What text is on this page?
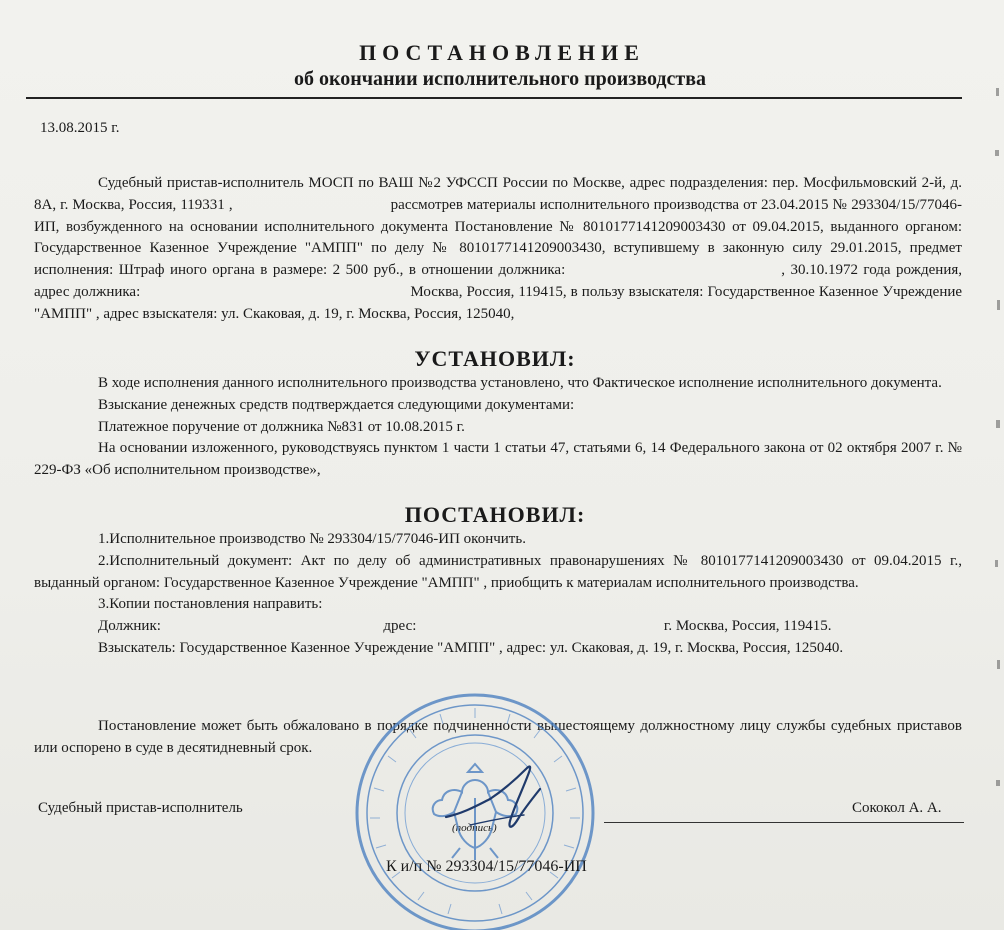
ПОСТАНОВЛЕНИЕ
об окончании исполнительного производства
13.08.2015 г.
Судебный пристав-исполнитель МОСП по ВАШ №2 УФССП России по Москве, адрес подразделения: пер. Мосфильмовский 2-й, д. 8А, г. Москва, Россия, 119331 ,	рассмотрев материалы исполнительного производства от 23.04.2015 № 293304/15/77046-ИП, возбужденного на основании исполнительного документа Постановление № 8010177141209003430 от 09.04.2015, выданного органом: Государственное Казенное Учреждение "АМПП" по делу № 8010177141209003430, вступившему в законную силу 29.01.2015, предмет исполнения: Штраф иного органа в размере: 2 500 руб., в отношении должника:	, 30.10.1972 года рождения, адрес должника:	Москва, Россия, 119415, в пользу взыскателя: Государственное Казенное Учреждение "АМПП" , адрес взыскателя: ул. Скаковая, д. 19, г. Москва, Россия, 125040,
УСТАНОВИЛ:
В ходе исполнения данного исполнительного производства установлено, что Фактическое исполнение исполнительного документа.
Взыскание денежных средств подтверждается следующими документами:
Платежное поручение от должника №831 от 10.08.2015 г.
На основании изложенного, руководствуясь пунктом 1 части 1 статьи 47, статьями 6, 14 Федерального закона от 02 октября 2007 г. № 229-ФЗ «Об исполнительном производстве»,
ПОСТАНОВИЛ:
1.Исполнительное производство № 293304/15/77046-ИП окончить.
2.Исполнительный документ: Акт по делу об административных правонарушениях № 8010177141209003430 от 09.04.2015 г., выданный органом: Государственное Казенное Учреждение "АМПП" , приобщить к материалам исполнительного производства.
3.Копии постановления направить:
Должник:	дрес:	г. Москва, Россия, 119415.
Взыскатель: Государственное Казенное Учреждение "АМПП" , адрес: ул. Скаковая, д. 19, г. Москва, Россия, 125040.
Постановление может быть обжаловано в порядке подчиненности вышестоящему должностному лицу службы судебных приставов или оспорено в суде в десятидневный срок.
Судебный пристав-исполнитель
(подпись)
Сококол А. А.
К и/п № 293304/15/77046-ИП
